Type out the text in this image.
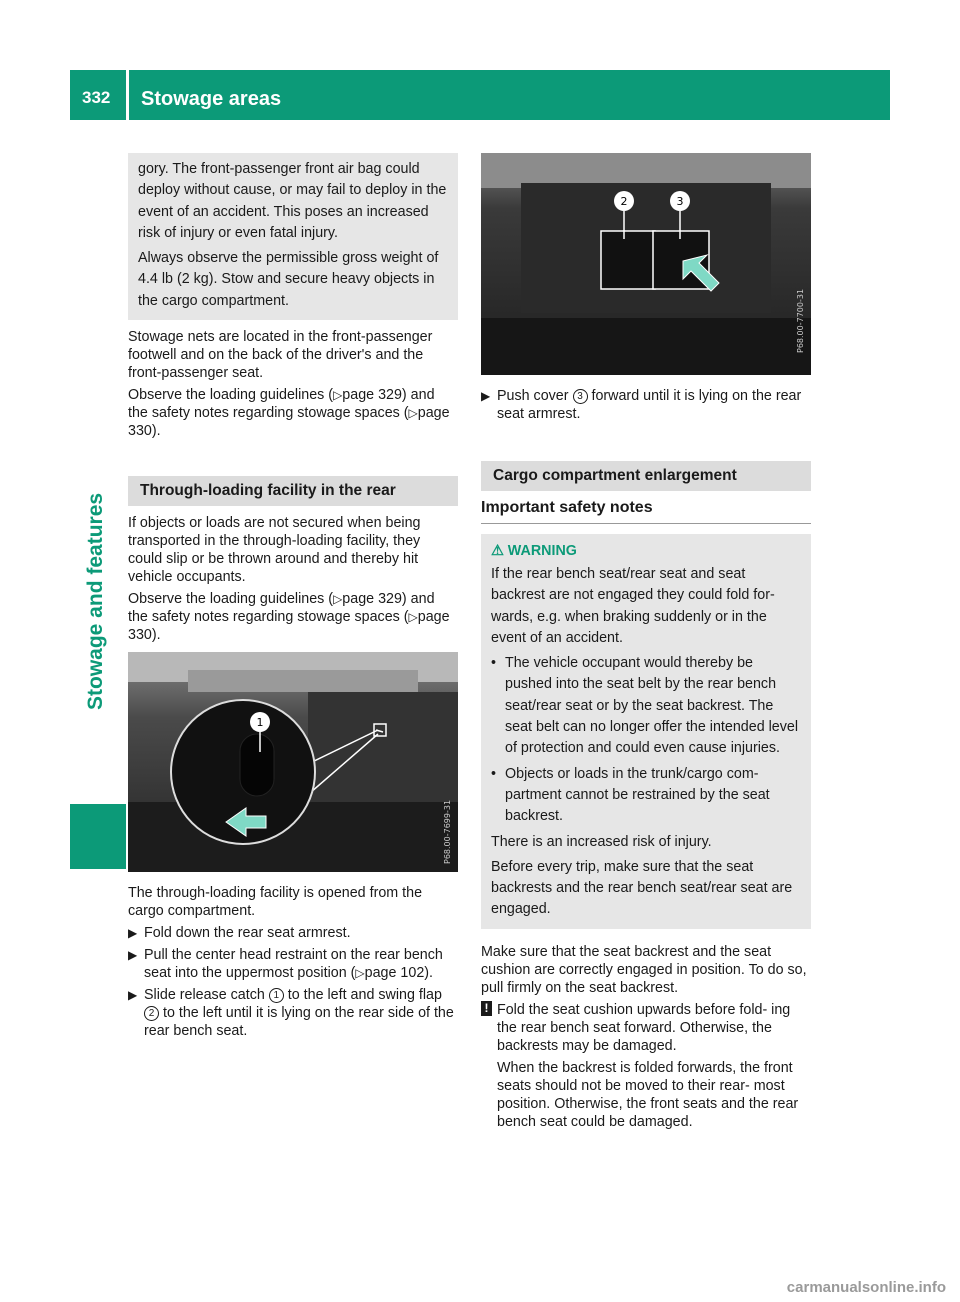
332 Stowage areas
Stowage and features

gory. The front-passenger front air bag could deploy without cause, or may fail to deploy in the event of an accident. This poses an increased risk of injury or even fatal injury.

Always observe the permissible gross weight of 4.4 lb (2 kg). Stow and secure heavy objects in the cargo compartment.

Stowage nets are located in the front-passenger footwell and on the back of the driver's and the front-passenger seat.

Observe the loading guidelines (▷page 329) and the safety notes regarding stowage spaces (▷page 330).

Through-loading facility in the rear

If objects or loads are not secured when being transported in the through-loading facility, they could slip or be thrown around and thereby hit vehicle occupants.

Observe the loading guidelines (▷page 329) and the safety notes regarding stowage spaces (▷page 330).

1
P68.00-7699-31

The through-loading facility is opened from the cargo compartment.

▶ Fold down the rear seat armrest.
▶ Pull the center head restraint on the rear bench seat into the uppermost position (▷page 102).
▶ Slide release catch 1 to the left and swing flap 2 to the left until it is lying on the rear side of the rear bench seat.
2	3
P68.00-7700-31
▶ Push cover 3 forward until it is lying on the rear seat armrest.
Cargo compartment enlargement
Important safety notes
⚠ WARNING

If the rear bench seat/rear seat and seat backrest are not engaged they could fold for- wards, e.g. when braking suddenly or in the event of an accident.

• The vehicle occupant would thereby be pushed into the seat belt by the rear bench seat/rear seat or by the seat backrest. The seat belt can no longer offer the intended level of protection and could even cause injuries.

• Objects or loads in the trunk/cargo com- partment cannot be restrained by the seat backrest.

There is an increased risk of injury.

Before every trip, make sure that the seat backrests and the rear bench seat/rear seat are engaged.

Make sure that the seat backrest and the seat cushion are correctly engaged in position. To do so, pull firmly on the seat backrest.

! Fold the seat cushion upwards before fold- ing the rear bench seat forward. Otherwise, the backrests may be damaged.

When the backrest is folded forwards, the front seats should not be moved to their rear- most position. Otherwise, the front seats and the rear bench seat could be damaged.

carmanualsonline.info
